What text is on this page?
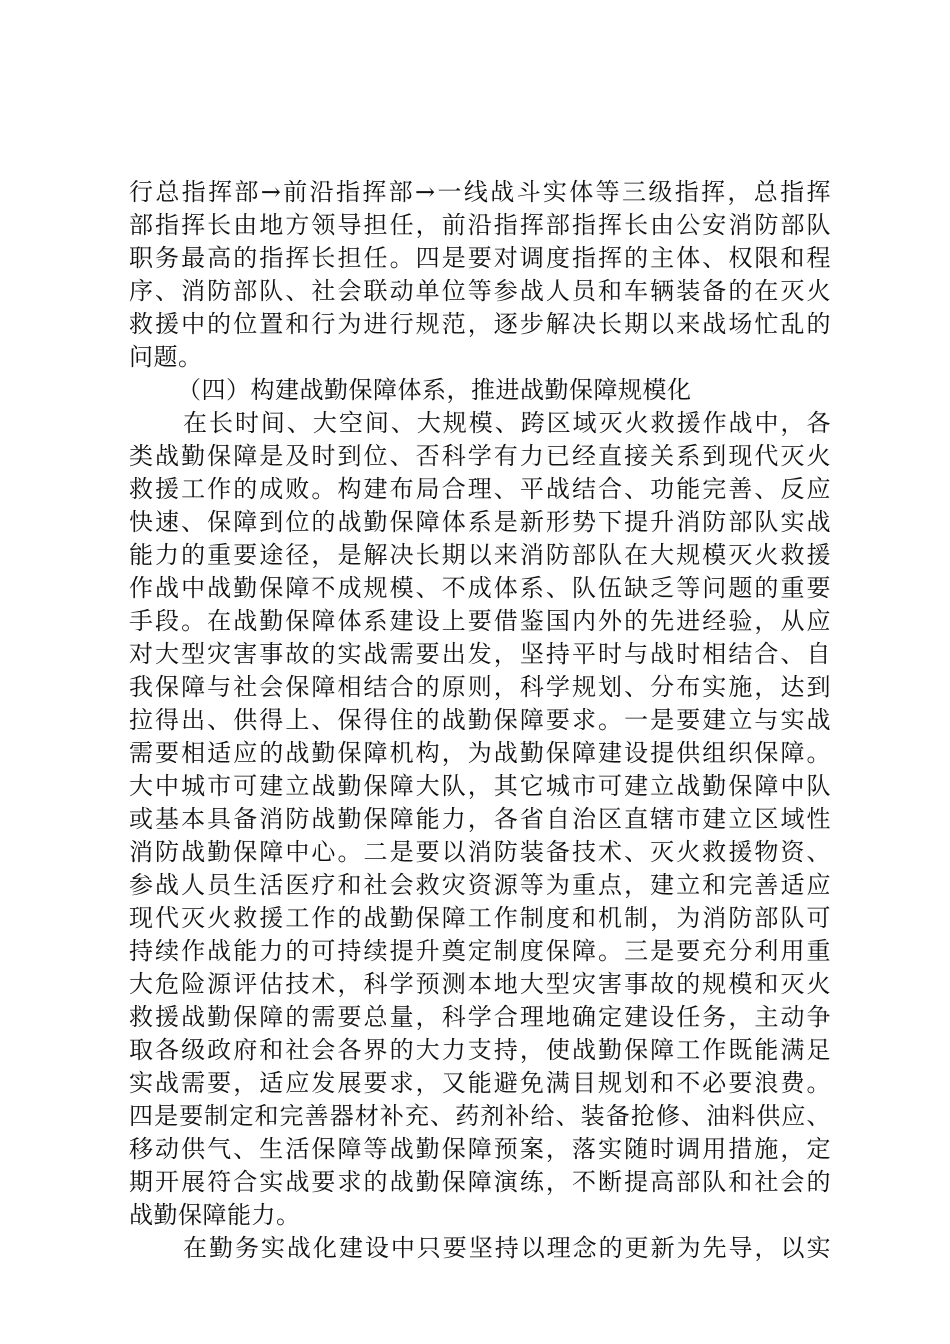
行总指挥部→前沿指挥部→一线战斗实体等三级指挥，总指挥
部指挥长由地方领导担任，前沿指挥部指挥长由公安消防部队
职务最高的指挥长担任。四是要对调度指挥的主体、权限和程
序、消防部队、社会联动单位等参战人员和车辆装备的在灭火
救援中的位置和行为进行规范，逐步解决长期以来战场忙乱的
问题。
（四）构建战勤保障体系，推进战勤保障规模化
在长时间、大空间、大规模、跨区域灭火救援作战中，各
类战勤保障是及时到位、否科学有力已经直接关系到现代灭火
救援工作的成败。构建布局合理、平战结合、功能完善、反应
快速、保障到位的战勤保障体系是新形势下提升消防部队实战
能力的重要途径，是解决长期以来消防部队在大规模灭火救援
作战中战勤保障不成规模、不成体系、队伍缺乏等问题的重要
手段。在战勤保障体系建设上要借鉴国内外的先进经验，从应
对大型灾害事故的实战需要出发，坚持平时与战时相结合、自
我保障与社会保障相结合的原则，科学规划、分布实施，达到
拉得出、供得上、保得住的战勤保障要求。一是要建立与实战
需要相适应的战勤保障机构，为战勤保障建设提供组织保障。
大中城市可建立战勤保障大队，其它城市可建立战勤保障中队
或基本具备消防战勤保障能力，各省自治区直辖市建立区域性
消防战勤保障中心。二是要以消防装备技术、灭火救援物资、
参战人员生活医疗和社会救灾资源等为重点，建立和完善适应
现代灭火救援工作的战勤保障工作制度和机制，为消防部队可
持续作战能力的可持续提升奠定制度保障。三是要充分利用重
大危险源评估技术，科学预测本地大型灾害事故的规模和灭火
救援战勤保障的需要总量，科学合理地确定建设任务，主动争
取各级政府和社会各界的大力支持，使战勤保障工作既能满足
实战需要，适应发展要求，又能避免满目规划和不必要浪费。
四是要制定和完善器材补充、药剂补给、装备抢修、油料供应、
移动供气、生活保障等战勤保障预案，落实随时调用措施，定
期开展符合实战要求的战勤保障演练，不断提高部队和社会的
战勤保障能力。
在勤务实战化建设中只要坚持以理念的更新为先导，以实
